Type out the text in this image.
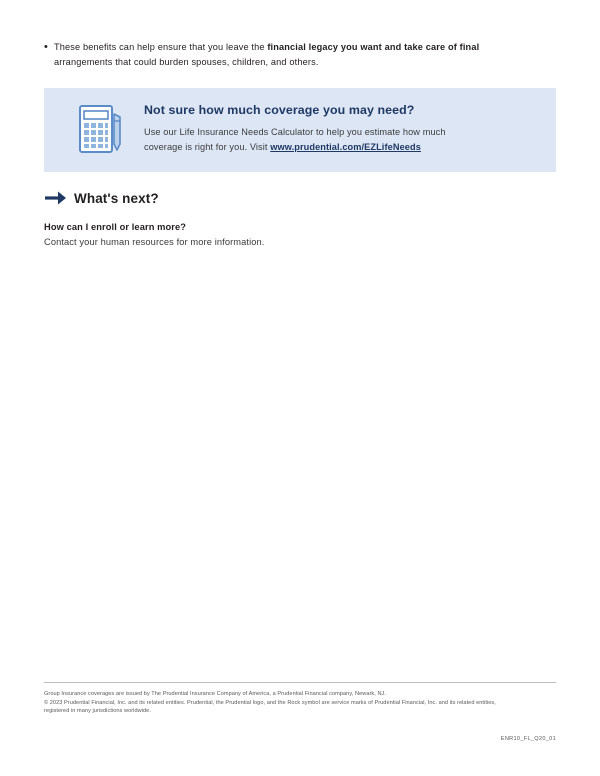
• These benefits can help ensure that you leave the financial legacy you want and take care of final
arrangements that could burden spouses, children, and others.
Not sure how much coverage you may need?
Use our Life Insurance Needs Calculator to help you estimate how much
coverage is right for you. Visit www.prudential.com/EZLifeNeeds
What's next?
How can I enroll or learn more?
Contact your human resources for more information.
Group Insurance coverages are issued by The Prudential Insurance Company of America, a Prudential Financial company, Newark, NJ.
© 2023 Prudential Financial, Inc. and its related entities. Prudential, the Prudential logo, and the Rock symbol are service marks of Prudential Financial, Inc. and its related entities,
registered in many jurisdictions worldwide.
ENR10_FL_Q20_01
